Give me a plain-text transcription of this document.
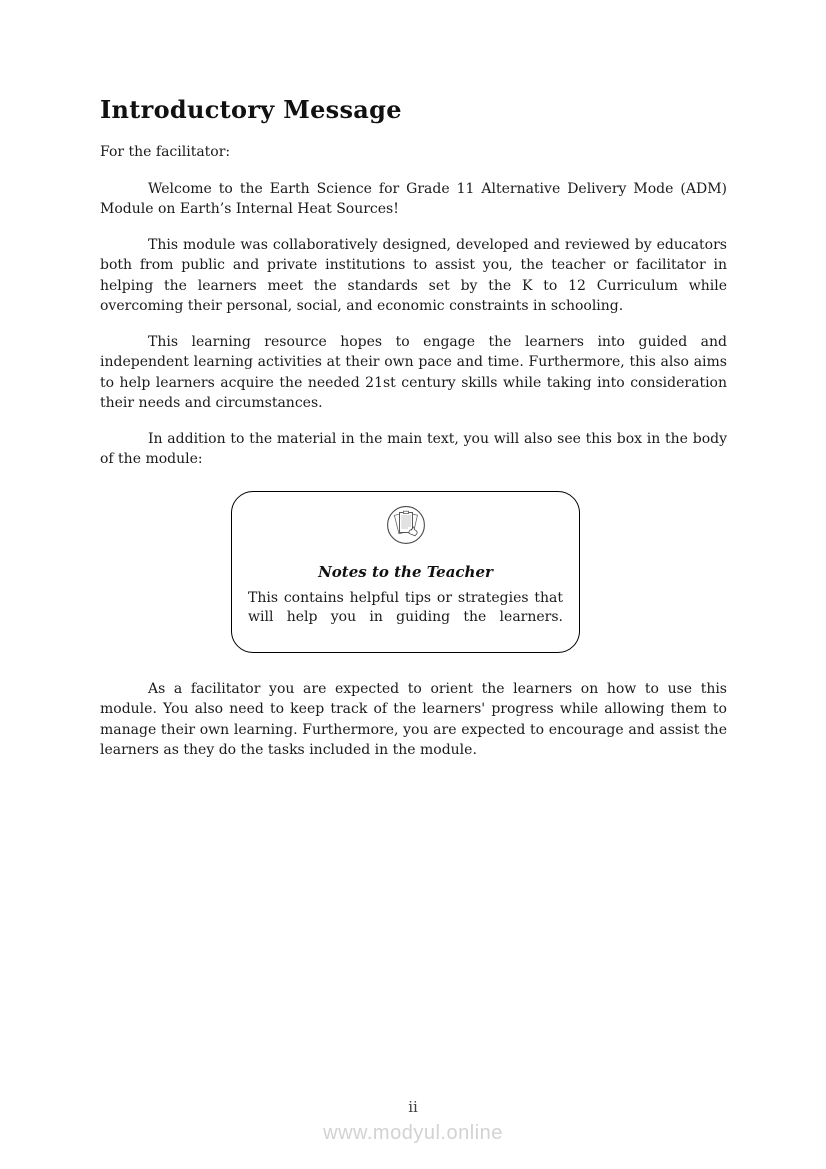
Introductory Message

For the facilitator:

Welcome to the Earth Science for Grade 11 Alternative Delivery Mode (ADM) Module on Earth’s Internal Heat Sources!

This module was collaboratively designed, developed and reviewed by educators both from public and private institutions to assist you, the teacher or facilitator in helping the learners meet the standards set by the K to 12 Curriculum while overcoming their personal, social, and economic constraints in schooling.

This learning resource hopes to engage the learners into guided and independent learning activities at their own pace and time. Furthermore, this also aims to help learners acquire the needed 21st century skills while taking into consideration their needs and circumstances.

In addition to the material in the main text, you will also see this box in the body of the module:

Notes to the Teacher

This contains helpful tips or strategies that will help you in guiding the learners.

As a facilitator you are expected to orient the learners on how to use this module. You also need to keep track of the learners' progress while allowing them to manage their own learning. Furthermore, you are expected to encourage and assist the learners as they do the tasks included in the module.

ii
www.modyul.online
